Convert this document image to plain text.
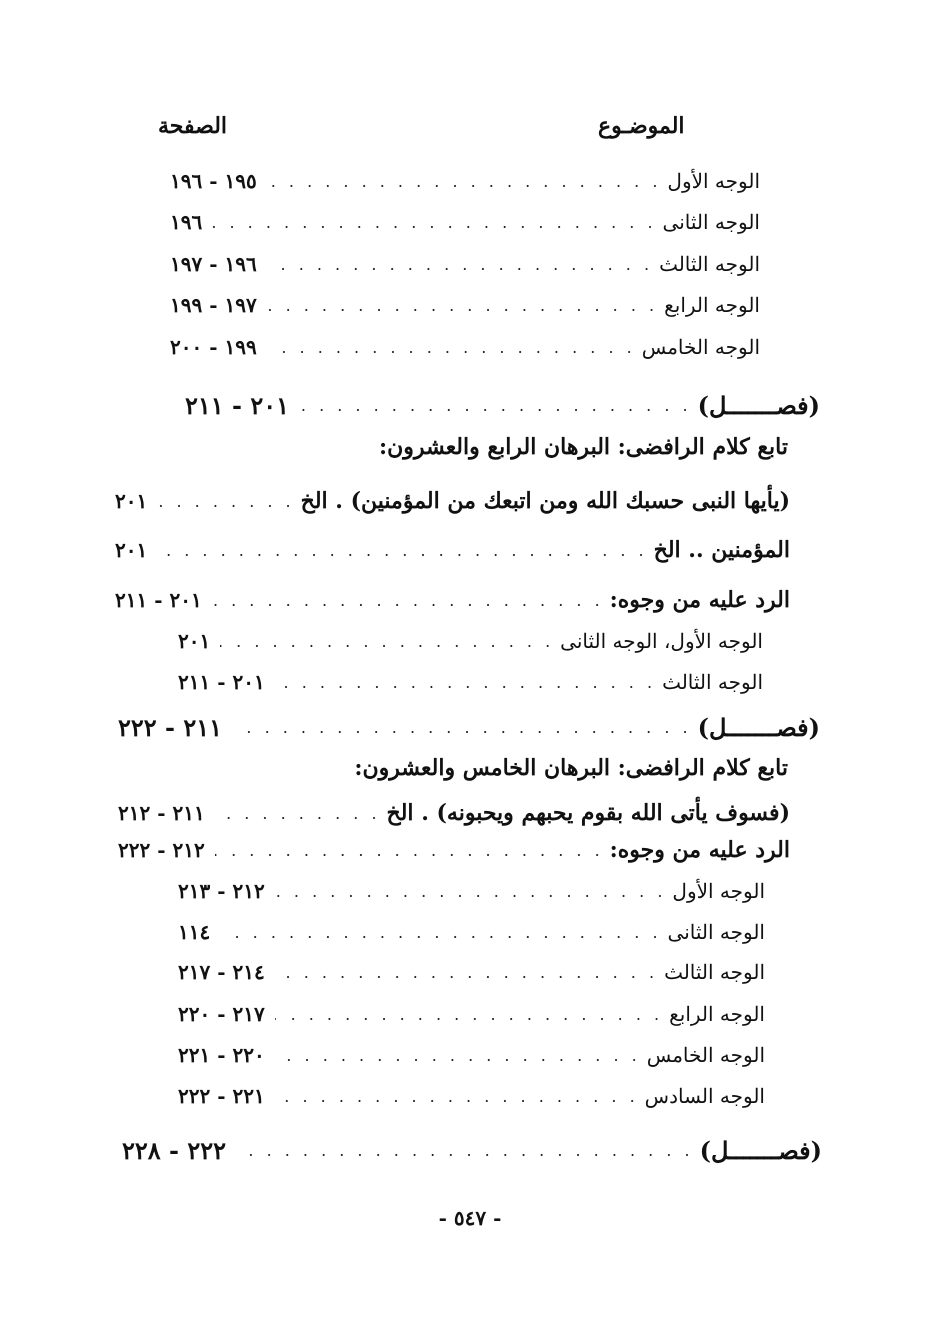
الموضـوع
الصفحة
الوجه الأول
. . .
١٩٥ - ١٩٦
الوجه الثانى
. . .
١٩٦
الوجه الثالث
. . .
١٩٦ - ١٩٧
الوجه الرابع
. . .
١٩٧ - ١٩٩
الوجه الخامس
. . .
١٩٩ - ٢٠٠
(فصـــــــل)
. . .
٢٠١ - ٢١١
تابع كلام الرافضى: البرهان الرابع والعشرون:
(يأيها النبى حسبك الله ومن اتبعك من المؤمنين) . الخ
. . .
٢٠١
المؤمنين .. الخ
. . .
٢٠١
الرد عليه من وجوه:
. . .
٢٠١ - ٢١١
الوجه الأول، الوجه الثانى
. . .
٢٠١
الوجه الثالث
. . .
٢٠١ - ٢١١
(فصـــــــل)
. . .
٢١١ - ٢٢٢
تابع كلام الرافضى: البرهان الخامس والعشرون:
(فسوف يأتى الله بقوم يحبهم ويحبونه) . الخ
. . .
٢١١ - ٢١٢
الرد عليه من وجوه:
. . .
٢١٢ - ٢٢٢
الوجه الأول
. . .
٢١٢ - ٢١٣
الوجه الثانى
. . .
١١٤
الوجه الثالث
. . .
٢١٤ - ٢١٧
الوجه الرابع
. . .
٢١٧ - ٢٢٠
الوجه الخامس
. . .
٢٢٠ - ٢٢١
الوجه السادس
. . .
٢٢١ - ٢٢٢
(فصـــــــل)
. . .
٢٢٢ - ٢٢٨
- ٥٤٧ -
